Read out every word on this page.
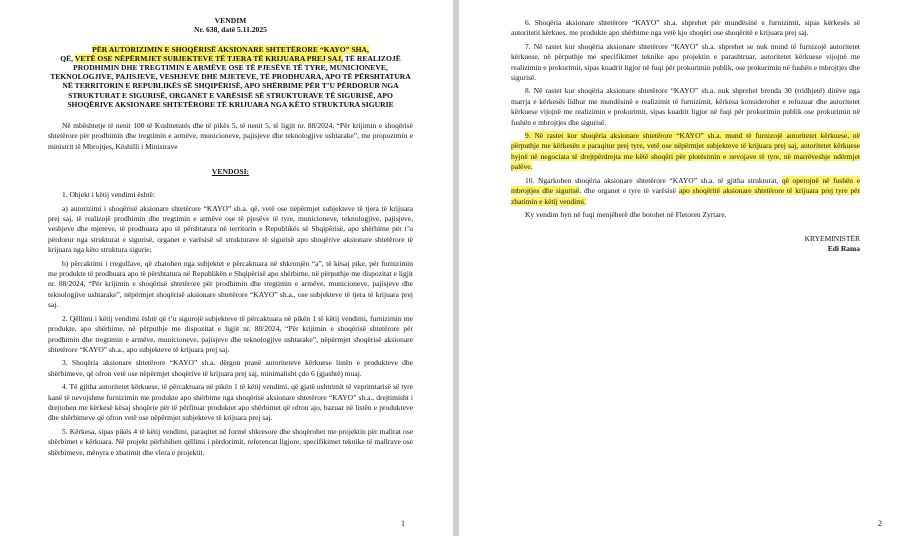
VENDIM
Nr. 638, datë 5.11.2025
PËR AUTORIZIMIN E SHOQËRISË AKSIONARE SHTETËRORE “KAYO” SHA,
QË, VETË OSE NËPËRMJET SUBJEKTEVE TË TJERA TË KRIJUARA PREJ SAJ, TË REALIZOJË PRODHIMIN DHE TREGTIMIN E ARMËVE OSE TË PJESËVE TË TYRE, MUNICIONEVE, TEKNOLOGJIVE, PAJISJEVE, VESHJEVE DHE MJETEVE, TË PRODHUARA, APO TË PËRSHTATURA NË TERRITORIN E REPUBLIKËS SË SHQIPËRISË, APO SHËRBIME PËR T’U PËRDORUR NGA STRUKTURAT E SIGURISË, ORGANET E VARËSISË SË STRUKTURAVE TË SIGURISË, APO SHOQËRIVE AKSIONARE SHTETËRORE TË KRIJUARA NGA KËTO STRUKTURA SIGURIE
Në mbështetje të nenit 100 të Kushtetutës dhe të pikës 5, të nenit 5, të ligjit nr. 88/2024, “Për krijimin e shoqërisë shtetërore për prodhimin dhe tregtimin e armëve, municioneve, pajisjeve dhe teknologjive ushtarake”, me propozimin e ministrit të Mbrojtjes, Këshilli i Ministrave
VENDOSI:

1. Objekt i këtij vendimi është:

a) autorizimi i shoqërisë aksionare shtetërore “KAYO” sh.a. që, vetë ose nëpërmjet subjekteve të tjera të krijuara prej saj, të realizojë prodhimin dhe tregtimin e armëve ose të pjesëve të tyre, municioneve, teknologjive, pajisjeve, veshjeve dhe mjeteve, të prodhuara apo të përshtatura në territorin e Republikës së Shqipërisë, apo shërbime për t’u përdorur nga strukturat e sigurisë, organet e varësisë së strukturave të sigurisë apo shoqërive aksionare shtetërore të krijuara nga këto struktura sigurie;

b) përcaktimi i rregullave, që zbatohen nga subjektet e përcaktuara në shkronjën “a”, të kësaj pike, për furnizimin me produkte të prodhuara apo të përshtatura në Republikën e Shqipërisë apo shërbime, në përputhje me dispozitat e ligjit nr. 88/2024, “Për krijimin e shoqërisë shtetërore për prodhimin dhe tregtimin e armëve, municioneve, pajisjeve dhe teknologjive ushtarake”, nëpërmjet shoqërisë aksionare shtetërore “KAYO” sh.a., ose subjekteve të tjera të krijuara prej saj.

2. Qëllimi i këtij vendimi është që t’u sigurojë subjekteve të përcaktuara në pikën 1 të këtij vendimi, furnizimin me produkte, apo shërbime, në përputhje me dispozitat e ligjit nr. 88/2024, “Për krijimin e shoqërisë shtetërore për prodhimin dhe tregtimin e armëve, municioneve, pajisjeve dhe teknologjive ushtarake”, nëpërmjet shoqërisë aksionare shtetërore “KAYO” sh.a., apo subjekteve të krijuara prej saj.

3. Shoqëria aksionare shtetërore “KAYO” sh.a. dërgon pranë autoriteteve kërkuese listën e produkteve dhe shërbimeve, që ofron vetë ose nëpërmjet shoqërive të krijuara prej saj, minimalisht çdo 6 (gjashtë) muaj.

4. Të gjitha autoritetet kërkuese, të përcaktuara në pikën 1 të këtij vendimi, që gjatë ushtrimit të veprimtarisë së tyre kanë të nevojshme furnizimin me produkte apo shërbime nga shoqërisë aksionare shtetërore “KAYO” sh.a., drejtimisht i drejtohen me kërkesë kësaj shoqërie për të përfituar produktet apo shërbimet që ofron ajo, bazuar në listën e produkteve dhe shërbimeve që ofron vetë ose nëpërmjet subjekteve të krijuara prej saj.

5. Kërkesa, sipas pikës 4 të këtij vendimi, paraqitet në formë shkresore dhe shoqërohet me projektin për mallrat ose shërbimet e kërkuara. Në projekt përfshihen qëllimi i përdorimit, referencat ligjore, specifikimet teknike të mallrave ose shërbimeve, mënyra e zbatimit dhe vlera e projektit.

1

6. Shoqëria aksionare shtetërore “KAYO” sh.a. shprehet për mundësinë e furnizimit, sipas kërkesës së autoritetit kërkues, me produkte apo shërbime nga vetë kjo shoqëri ose shoqëritë e krijuara prej saj.

7. Në rastet kur shoqëria aksionare shtetërore “KAYO” sh.a. shprehet se nuk mund të furnizojë autoritetet kërkuese, në përputhje me specifikimet teknike apo projektin e parashtruar, autoritetet kërkuese vijojnë me realizimin e prokurimit, sipas kuadrit ligjor në fuqi për prokurimin publik, ose prokurimin në fushën e mbrojtjes dhe sigurisë.

8. Në rastet kur shoqëria aksionare shtetërore “KAYO” sh.a. nuk shprehet brenda 30 (tridhjetë) ditëve nga marrja e kërkesës lidhur me mundësinë e realizimit të furnizimit, kërkesa konsiderohet e refuzuar dhe autoritetet kërkuese vijojnë me realizimin e prokurimit, sipas kuadrit ligjor në fuqi për prokurimin publik ose prokurimin në fushën e mbrojtjes dhe sigurisë.

9. Në rastet kur shoqëria aksionare shtetërore “KAYO” sh.a. mund të furnizojë autoritetet kërkuese, në përputhje me kërkesën e paraqitur prej tyre, vetë ose nëpërmjet subjekteve të krijuara prej saj, autoritetet kërkuese hyjnë në negociata të drejtpërdrejta me këtë shoqëri për plotësimin e nevojave të tyre, në marrëveshje ndërmjet palëve.

10. Ngarkohen shoqëria aksionare shtetërore “KAYO” sh.a. të gjitha strukturat, që operojnë në fushën e mbrojtjes dhe sigurisë, dhe organet e tyre të varësisë apo shoqëritë aksionare shtetërore të krijuara prej tyre për zbatimin e këtij vendimi.

Ky vendim hyn në fuqi menjëherë dhe botohet në Fletoren Zyrtare.

KRYEMINISTËR
Edi Rama
2
